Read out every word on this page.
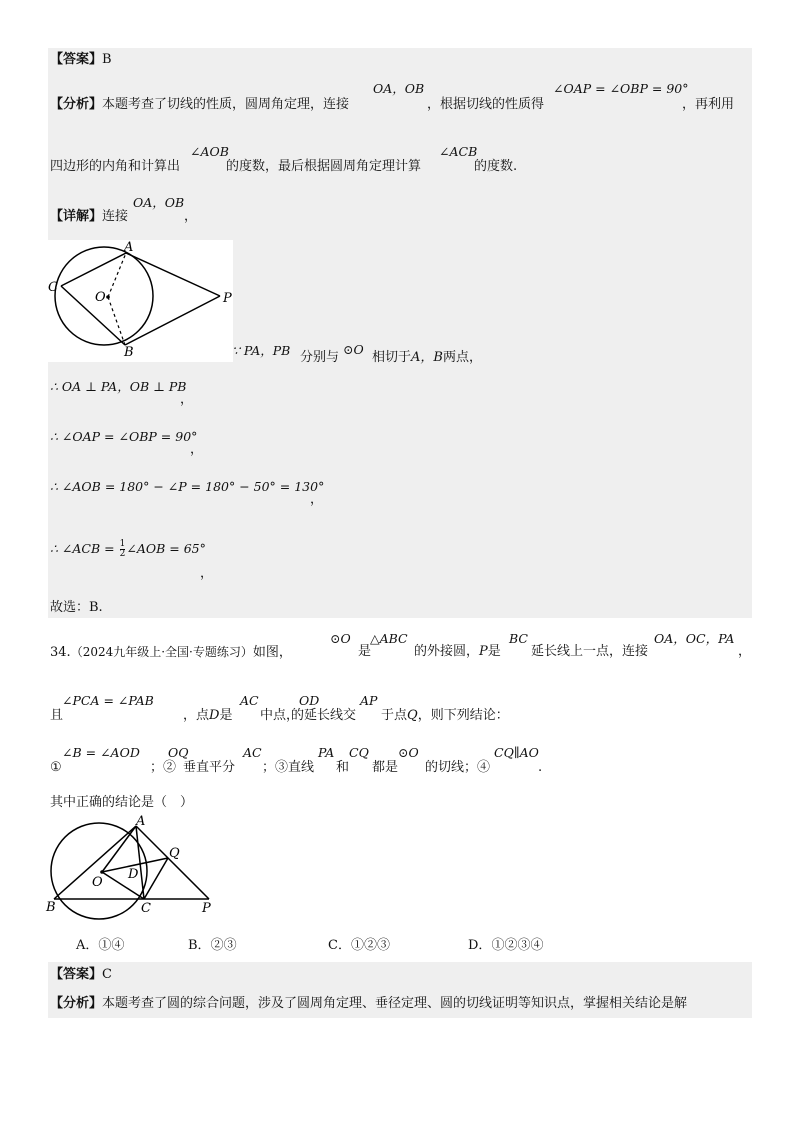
【答案】B
【分析】本题考查了切线的性质，圆周角定理，连接
OA，OB
，根据切线的性质得
∠OAP = ∠OBP = 90°
，再利用
四边形的内角和计算出
∠AOB
的度数，最后根据圆周角定理计算
∠ACB
的度数.
【详解】连接
OA，OB
，
A
C
O	P
B	∵ PA，PB 分别与
⊙O
相切于A，B两点，
∴ OA ⊥ PA，OB ⊥ PB
，
∴ ∠OAP = ∠OBP = 90°
，
∴ ∠AOB = 180° − ∠P = 180° − 50° = 130°
，
∴ ∠ACB = $\frac{1}{2}$ ∠AOB = 65°
，
故选：B.
34.（2024九年级上·全国·专题练习）如图，
⊙O
是
△ABC
的外接圆，P是
BC
延长线上一点，连接
OA，OC，PA
，
且
∠PCA = ∠PAB
，点D是
AC
中点，
OD
的延长线交
AP
于点Q，则下列结论：
∠B = ∠AOD
①	；②
OQ
垂直平分
AC
；③直线
PA
和
CQ
都是
⊙O
的切线；④
CQ∥AO
.
其中正确的结论是（　）
A
Q
O
D
B	C	P
A．①④	B．②③	C．①②③	D．①②③④
【答案】C
【分析】本题考查了圆的综合问题，涉及了圆周角定理、垂径定理、圆的切线证明等知识点，掌握相关结论是解
